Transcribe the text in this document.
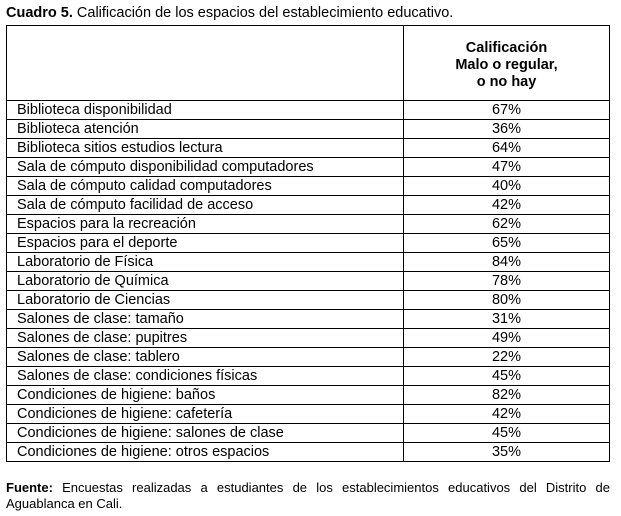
Cuadro 5. Calificación de los espacios del establecimiento educativo.

	Calificación
Malo o regular,
o no hay

Biblioteca disponibilidad	67%
Biblioteca atención	36%
Biblioteca sitios estudios lectura	64%
Sala de cómputo disponibilidad computadores	47%
Sala de cómputo calidad computadores	40%
Sala de cómputo facilidad de acceso	42%
Espacios para la recreación	62%
Espacios para el deporte	65%
Laboratorio de Física	84%
Laboratorio de Química	78%
Laboratorio de Ciencias	80%
Salones de clase: tamaño	31%
Salones de clase: pupitres	49%
Salones de clase: tablero	22%
Salones de clase: condiciones físicas	45%
Condiciones de higiene: baños	82%
Condiciones de higiene: cafetería	42%
Condiciones de higiene: salones de clase	45%
Condiciones de higiene: otros espacios	35%
Fuente: Encuestas realizadas a estudiantes de los establecimientos educativos del Distrito de Aguablanca en Cali.
